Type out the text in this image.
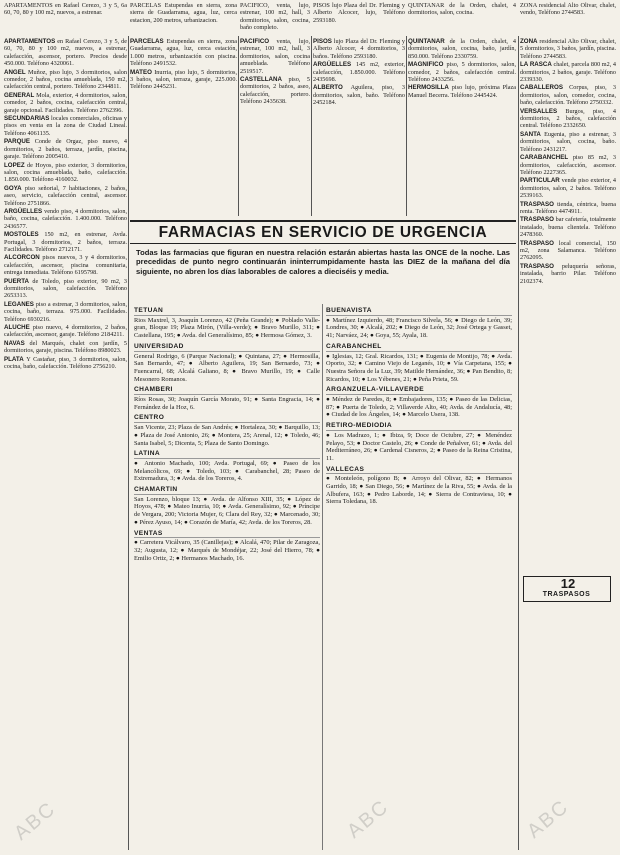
APARTAMENTOS en Rafael Cerezo, 3 y 5, 6a 60, 70, 80 y 100 m2, nuevos, a estrenar.
PARCELAS Estupendas en sierra, zona sierra de Guadarrama, agua, luz, cerca estacion, 200 metros, urbanizacion.
PACIFICO, venta, lujo, estrenar, 100 m2, hall, 3 dormitorios, salon, cocina, baño completo.
PISOS lujo Plaza del Dr. Fleming y Alberto Alcocer, lujo, Teléfono 2593180.
QUINTANAR de la Orden, chalet, 4 dormitorios, salon, cocina.
ZONA residencial Alto Olivar, chalet, vendo, Teléfono 2744583.

APARTAMENTOS en Rafael Cerezo, 3 y 5, de 60, 70, 80 y 100 m2, nuevos, a estrenar, calefacción, ascensor, portero. Precios desde 450.000. Teléfono 4320061.

ANGEL Muñoz, piso lujo, 3 dormitorios, salon comedor, 2 baños, cocina amueblada, 150 m2, calefacción central, portero. Teléfono 2344811.

GENERAL Mola, exterior, 4 dormitorios, salon, comedor, 2 baños, cocina, calefacción central, garaje opcional. Facilidades. Teléfono 2762396.

SECUNDARIAS locales comerciales, oficinas y pisos en venta en la zona de Ciudad Lineal. Teléfono 4061135.

PARQUE Conde de Orgaz, piso nuevo, 4 dormitorios, 2 baños, terraza, jardín, piscina, garaje. Teléfono 2005410.

LOPEZ de Hoyos, piso exterior, 3 dormitorios, salon, cocina amueblada, baño, calefacción. 1.850.000. Teléfono 4160032.

GOYA piso señorial, 7 habitaciones, 2 baños, aseo, servicio, calefacción central, ascensor. Teléfono 2751866.

ARGÜELLES vendo piso, 4 dormitorios, salon, baño, cocina, calefacción. 1.400.000. Teléfono 2436577.

MOSTOLES 150 m2, en estrenar, Avda. Portugal, 3 dormitorios, 2 baños, terraza. Facilidades. Teléfono 2712171.

ALCORCON pisos nuevos, 3 y 4 dormitorios, calefacción, ascensor, piscina comunitaria, entrega inmediata. Teléfono 6195798.

PUERTA de Toledo, piso exterior, 90 m2, 3 dormitorios, salon, calefacción. Teléfono 2653313.

LEGANES piso a estrenar, 3 dormitorios, salon, cocina, baño, terraza. 975.000. Facilidades. Teléfono 6930216.

ALUCHE piso nuevo, 4 dormitorios, 2 baños, calefacción, ascensor, garaje. Teléfono 2184211.

NAVAS del Marqués, chalet con jardín, 5 dormitorios, garaje, piscina. Teléfono 8980023.

PLATA Y Castañar, piso, 3 dormitorios, salon, cocina, baño, calefacción. Teléfono 2756210.

PARCELAS Estupendas en sierra, zona Guadarrama, agua, luz, cerca estación, 1.000 metros, urbanización con piscina. Teléfono 2491532.

MATEO Inurria, piso lujo, 5 dormitorios, 3 baños, salon, terraza, garaje, 225.000. Teléfono 2445231.

PACIFICO venta, lujo, estrenar, 100 m2, hall, 3 dormitorios, salon, cocina amueblada. Teléfono 2519517.

CASTELLANA piso, 5 dormitorios, 2 baños, aseo, calefacción, portero. Teléfono 2435638.

PISOS lujo Plaza del Dr. Fleming y Alberto Alcocer, 4 dormitorios, 3 baños. Teléfono 2593180.

ARGÜELLES 145 m2, exterior, calefacción, 1.850.000. Teléfono 2435698.

ALBERTO Aguilera, piso, 3 dormitorios, salon, baño. Teléfono 2452184.

QUINTANAR de la Orden, chalet, 4 dormitorios, salon, cocina, baño, jardín, 850.000. Teléfono 2330759.

MAGNIFICO piso, 5 dormitorios, salon, comedor, 2 baños, calefacción central. Teléfono 2433256.

HERMOSILLA piso lujo, próxima Plaza Manuel Becerra. Teléfono 2445424.

ZONA residencial Alto Olivar, chalet, 5 dormitorios, 3 baños, jardín, piscina. Teléfono 2744583.

LA RASCA chalet, parcela 800 m2, 4 dormitorios, 2 baños, garaje. Teléfono 2339330.

CABALLEROS Corpus, piso, 3 dormitorios, salon, comedor, cocina, baño, calefacción. Teléfono 2750332.

VERSALLES Burgos, piso, 4 dormitorios, 2 baños, calefacción central. Teléfono 2332650.

SANTA Eugenia, piso a estrenar, 3 dormitorios, salon, cocina, baño. Teléfono 2431217.

CARABANCHEL piso 85 m2, 3 dormitorios, calefacción, ascensor. Teléfono 2227365.

PARTICULAR vende piso exterior, 4 dormitorios, salon, 2 baños. Teléfono 2539163.

TRASPASO tienda, céntrica, buena renta. Teléfono 4474911.

TRASPASO bar cafetería, totalmente instalado, buena clientela. Teléfono 2478360.

TRASPASO local comercial, 150 m2, zona Salamanca. Teléfono 2762095.

TRASPASO peluquería señoras, instalada, barrio Pilar. Teléfono 2102374.

FARMACIAS EN SERVICIO DE URGENCIA
Todas las farmacias que figuran en nuestra relación estarán abiertas hasta las ONCE de la noche. Las precedidas de punto negro continuarán ininterrumpidamente hasta las DIEZ de la mañana del día siguiente, no abren los días laborables de calores a dieciséis y media.
TETUAN
Rios Maxtrel, 3, Joaquín Lorenzo, 42 (Peña Grande); ● Poblado Valle-gran, Bloque 19; Plaza Mirón, (Villa-verde); ● Bravo Murillo, 311; ● Castellana, 195; ● Avda. del Generalísimo, 85; ● Hermosa Gómez, 3.
UNIVERSIDAD
General Rodrigo, 6 (Parque Nacional); ● Quintana, 27; ● Hermosilla, San Bernardo, 47; ● Alberto Aguilera, 19; San Bernardo, 73; ● Fuencarral, 68; Alcalá Galiano, 8; ● Bravo Murillo, 19; ● Calle Mesonero Romanos.
CHAMBERI
Ríos Rosas, 30; Joaquín García Morato, 91; ● Santa Engracia, 14; ● Fernández de la Hoz, 6.
CENTRO
San Vicente, 23; Plaza de San Andrés; ● Hortaleza, 30; ● Barquillo, 13; ● Plaza de José Antonio, 26; ● Montera, 25; Arenal, 12; ● Toledo, 46; Santa Isabel, 5; Dicenta, 5; Plaza de Santo Domingo.
LATINA
● Antonio Machado, 100; Avda. Portugal, 69; ● Paseo de los Melancólicos, 69; ● Toledo, 103; ● Carabanchel, 28; Paseo de Extremadura, 3; ● Avda. de los Toreros, 4.
CHAMARTIN
San Lorenzo, bloque 13; ● Avda. de Alfonso XIII, 35; ● López de Hoyos, 478; ● Mateo Inurria, 10; ● Avda. Generalísimo, 92; ● Príncipe de Vergara, 200; Victoria Mujer, 6; Clara del Rey, 32; ● Marcenado, 30; ● Pérez Ayuso, 14; ● Corazón de María, 42; Avda. de los Toreros, 28.
VENTAS
● Carretera Vicálvaro, 35 (Canillejas); ● Alcalá, 470; Pilar de Zaragoza, 32; Augusta, 12; ● Marqués de Mondéjar, 22; José del Hierro, 78; ● Emilio Ortiz, 2; ● Hermanos Machado, 16.
BUENAVISTA
● Martínez Izquierdo, 48; Francisco Silvela, 56; ● Diego de León, 39; Londres, 30; ● Alcalá, 202; ● Diego de León, 32; José Ortega y Gasset, 41; Narváez, 24; ● Goya, 55; Ayala, 18.
CARABANCHEL
● Iglesias, 12; Gral. Ricardos, 131; ● Eugenia de Montijo, 78; ● Avda. Oporto, 32; ● Camino Viejo de Leganés, 10; ● Vía Carpetana, 155; ● Nuestra Señora de la Luz, 39; Matilde Hernández, 36; ● Pan Bendito, 8; Ricardos, 10; ● Los Yébenes, 21; ● Peña Prieta, 59.
ARGANZUELA-VILLAVERDE
● Méndez de Paredes, 8; ● Embajadores, 135; ● Paseo de las Delicias, 87; ● Puerta de Toledo, 2; Villaverde Alto, 40; Avda. de Andalucía, 48; ● Ciudad de los Ángeles, 14; ● Marcelo Usera, 138.
RETIRO-MEDIODIA
● Los Madrazo, 1; ● Ibiza, 9; Doce de Octubre, 27; ● Menéndez Pelayo, 53; ● Doctor Castelo, 26; ● Conde de Peñalver, 61; ● Avda. del Mediterráneo, 26; ● Cardenal Cisneros, 2; ● Paseo de la Reina Cristina, 11.
VALLECAS
● Monteleón, polígono B; ● Arroyo del Olivar, 82; ● Hermanos Garrido, 18; ● San Diego, 56; ● Martínez de la Riva, 55; ● Avda. de la Albufera, 163; ● Pedro Laborde, 14; ● Sierra de Contraviesa, 10; ● Sierra Toledana, 18.
12
TRASPASOS
ABC	ABC	ABC
